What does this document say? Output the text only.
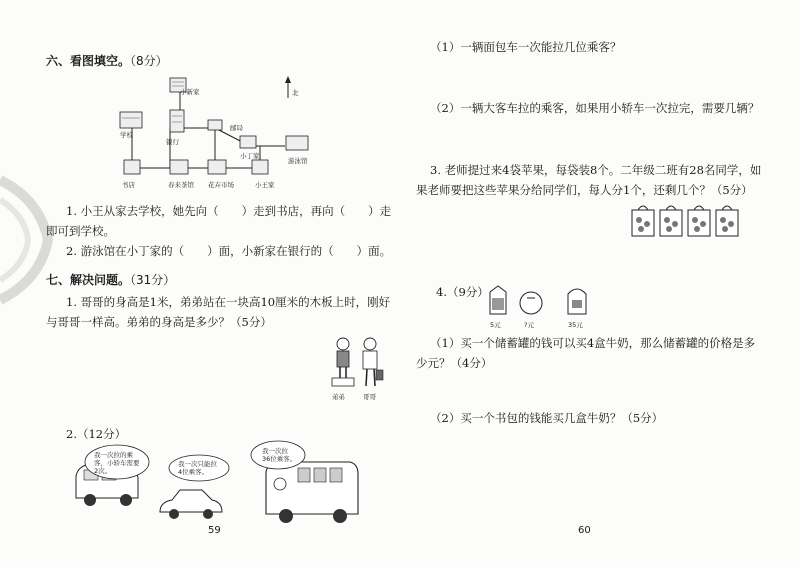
六、看图填空。（8分）
小新家
学校
银行
邮局
小丁家
游泳馆
书店	春来茶馆 花卉市场	小王家
北
1. 小王从家去学校，她先向（　　）走到书店，再向（　　）走
即可到学校。
2. 游泳馆在小丁家的（　　）面，小新家在银行的（　　）面。
七、解决问题。（31分）
1. 哥哥的身高是1米，弟弟站在一块高10厘米的木板上时，刚好
与哥哥一样高。弟弟的身高是多少？（5分）
弟弟	哥哥
2.（12分）
我一次拉的乘
客，小轿车需要
2次。
我一次只能拉
4位乘客。
我一次拉
36位乘客。
59
（1）一辆面包车一次能拉几位乘客？
（2）一辆大客车拉的乘客，如果用小轿车一次拉完，需要几辆？
3. 老师提过来4袋苹果，每袋装8个。二年级二班有28名同学，如
果老师要把这些苹果分给同学们，每人分1个，还剩几个？（5分）
4.（9分）
5元	?元	35元
（1）买一个储蓄罐的钱可以买4盒牛奶，那么储蓄罐的价格是多
少元？（4分）
（2）买一个书包的钱能买几盒牛奶？（5分）
60
